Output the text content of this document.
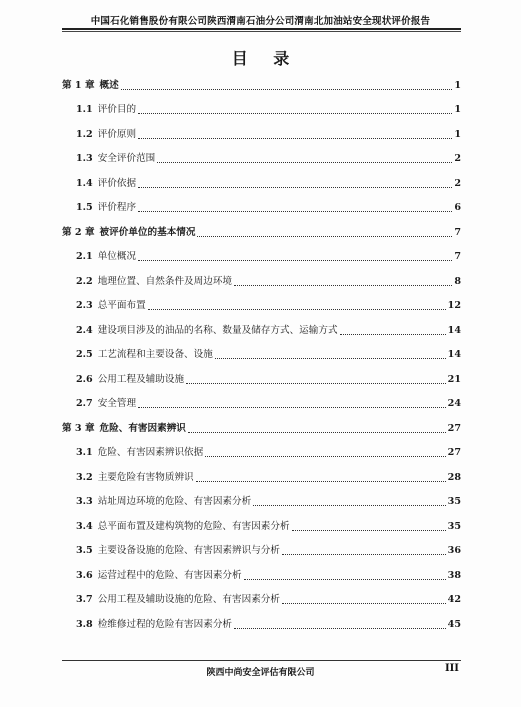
中国石化销售股份有限公司陕西渭南石油分公司渭南北加油站安全现状评价报告
目 录
第 1 章 概述	1
1.1 评价目的	1
1.2 评价原则	1
1.3 安全评价范围	2
1.4 评价依据	2
1.5 评价程序	6
第 2 章 被评价单位的基本情况	7
2.1 单位概况	7
2.2 地理位置、自然条件及周边环境	8
2.3 总平面布置	12
2.4 建设项目涉及的油品的名称、数量及储存方式、运输方式	14
2.5 工艺流程和主要设备、设施	14
2.6 公用工程及辅助设施	21
2.7 安全管理	24
第 3 章 危险、有害因素辨识	27
3.1 危险、有害因素辨识依据	27
3.2 主要危险有害物质辨识	28
3.3 站址周边环境的危险、有害因素分析	35
3.4 总平面布置及建构筑物的危险、有害因素分析	35
3.5 主要设备设施的危险、有害因素辨识与分析	36
3.6 运营过程中的危险、有害因素分析	38
3.7 公用工程及辅助设施的危险、有害因素分析	42
3.8 检维修过程的危险有害因素分析	45
陕西中尚安全评估有限公司	III
